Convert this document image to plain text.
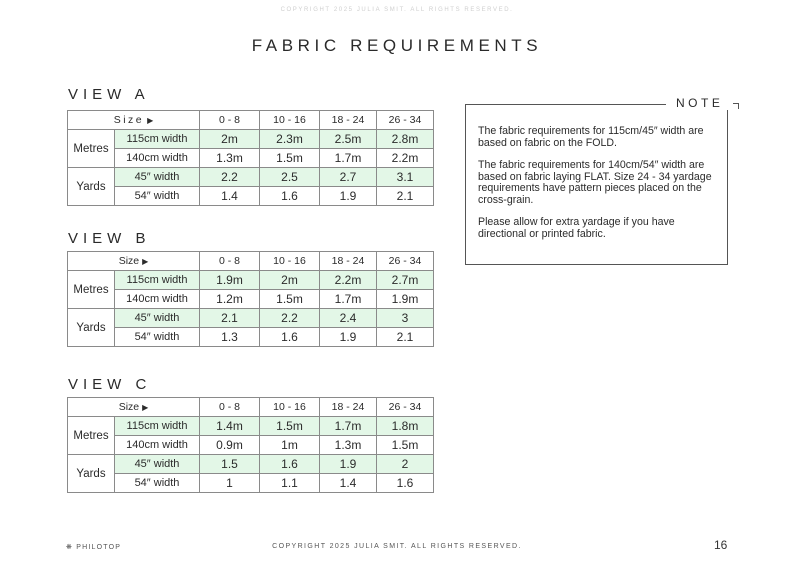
COPYRIGHT 2025 JULIA SMIT. ALL RIGHTS RESERVED.
FABRIC REQUIREMENTS
VIEW A
Size ▶		0 - 8	10 - 16	18 - 24	26 - 34
Metres	115cm width	2m	2.3m	2.5m	2.8m
	140cm width	1.3m	1.5m	1.7m	2.2m
Yards	45″ width	2.2	2.5	2.7	3.1
	54″ width	1.4	1.6	1.9	2.1
VIEW B
Size ▶		0 - 8	10 - 16	18 - 24	26 - 34
Metres	115cm width	1.9m	2m	2.2m	2.7m
	140cm width	1.2m	1.5m	1.7m	1.9m
Yards	45″ width	2.1	2.2	2.4	3
	54″ width	1.3	1.6	1.9	2.1
VIEW C
Size ▶		0 - 8	10 - 16	18 - 24	26 - 34
Metres	115cm width	1.4m	1.5m	1.7m	1.8m
	140cm width	0.9m	1m	1.3m	1.5m
Yards	45″ width	1.5	1.6	1.9	2
	54″ width	1	1.1	1.4	1.6
NOTE

The fabric requirements for 115cm/45″ width are based on fabric on the FOLD.

The fabric requirements for 140cm/54″ width are based on fabric laying FLAT. Size 24 - 34 yardage requirements have pattern pieces placed on the cross-grain.

Please allow for extra yardage if you have directional or printed fabric.

❋ PHILOTOP	COPYRIGHT 2025 JULIA SMIT. ALL RIGHTS RESERVED.	16
